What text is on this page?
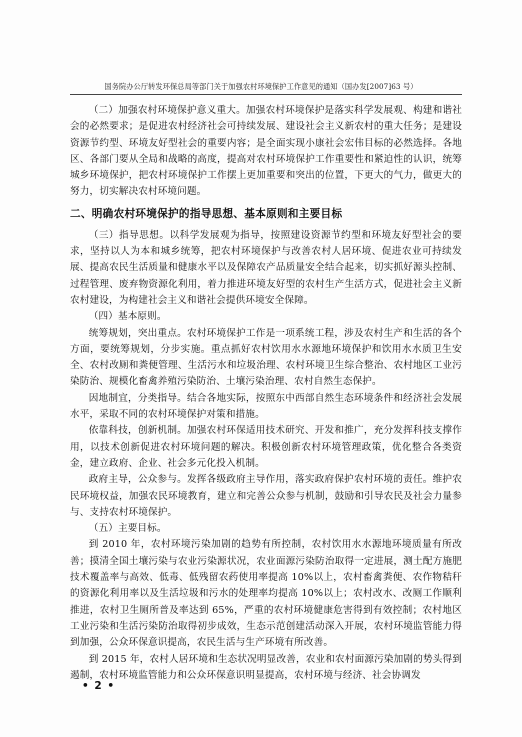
国务院办公厅转发环保总局等部门关于加强农村环境保护工作意见的通知（国办发[2007]63 号）

（二）加强农村环境保护意义重大。加强农村环境保护是落实科学发展观、构建和谐社会的必然要求；是促进农村经济社会可持续发展、建设社会主义新农村的重大任务；是建设资源节约型、环境友好型社会的重要内容；是全面实现小康社会宏伟目标的必然选择。各地区、各部门要从全局和战略的高度，提高对农村环境保护工作重要性和紧迫性的认识，统筹城乡环境保护，把农村环境保护工作摆上更加重要和突出的位置，下更大的气力，做更大的努力，切实解决农村环境问题。

二、明确农村环境保护的指导思想、基本原则和主要目标

（三）指导思想。以科学发展观为指导，按照建设资源节约型和环境友好型社会的要求，坚持以人为本和城乡统筹，把农村环境保护与改善农村人居环境、促进农业可持续发展、提高农民生活质量和健康水平以及保障农产品质量安全结合起来，切实抓好源头控制、过程管理、废弃物资源化利用，着力推进环境友好型的农村生产生活方式，促进社会主义新农村建设，为构建社会主义和谐社会提供环境安全保障。

（四）基本原则。

统筹规划，突出重点。农村环境保护工作是一项系统工程，涉及农村生产和生活的各个方面，要统筹规划，分步实施。重点抓好农村饮用水水源地环境保护和饮用水水质卫生安全、农村改厕和粪便管理、生活污水和垃圾治理、农村环境卫生综合整治、农村地区工业污染防治、规模化畜禽养殖污染防治、土壤污染治理、农村自然生态保护。

因地制宜，分类指导。结合各地实际，按照东中西部自然生态环境条件和经济社会发展水平，采取不同的农村环境保护对策和措施。

依靠科技，创新机制。加强农村环保适用技术研究、开发和推广，充分发挥科技支撑作用，以技术创新促进农村环境问题的解决。积极创新农村环境管理政策，优化整合各类资金，建立政府、企业、社会多元化投入机制。

政府主导，公众参与。发挥各级政府主导作用，落实政府保护农村环境的责任。维护农民环境权益，加强农民环境教育，建立和完善公众参与机制，鼓励和引导农民及社会力量参与、支持农村环境保护。

（五）主要目标。

到 2010 年，农村环境污染加剧的趋势有所控制，农村饮用水水源地环境质量有所改善；摸清全国土壤污染与农业污染源状况，农业面源污染防治取得一定进展，测土配方施肥技术覆盖率与高效、低毒、低残留农药使用率提高 10%以上，农村畜禽粪便、农作物秸秆的资源化利用率以及生活垃圾和污水的处理率均提高 10%以上；农村改水、改厕工作顺利推进，农村卫生厕所普及率达到 65%，严重的农村环境健康危害得到有效控制；农村地区工业污染和生活污染防治取得初步成效，生态示范创建活动深入开展，农村环境监管能力得到加强，公众环保意识提高，农民生活与生产环境有所改善。

到 2015 年，农村人居环境和生态状况明显改善，农业和农村面源污染加剧的势头得到遏制，农村环境监管能力和公众环保意识明显提高，农村环境与经济、社会协调发

• 2 •
